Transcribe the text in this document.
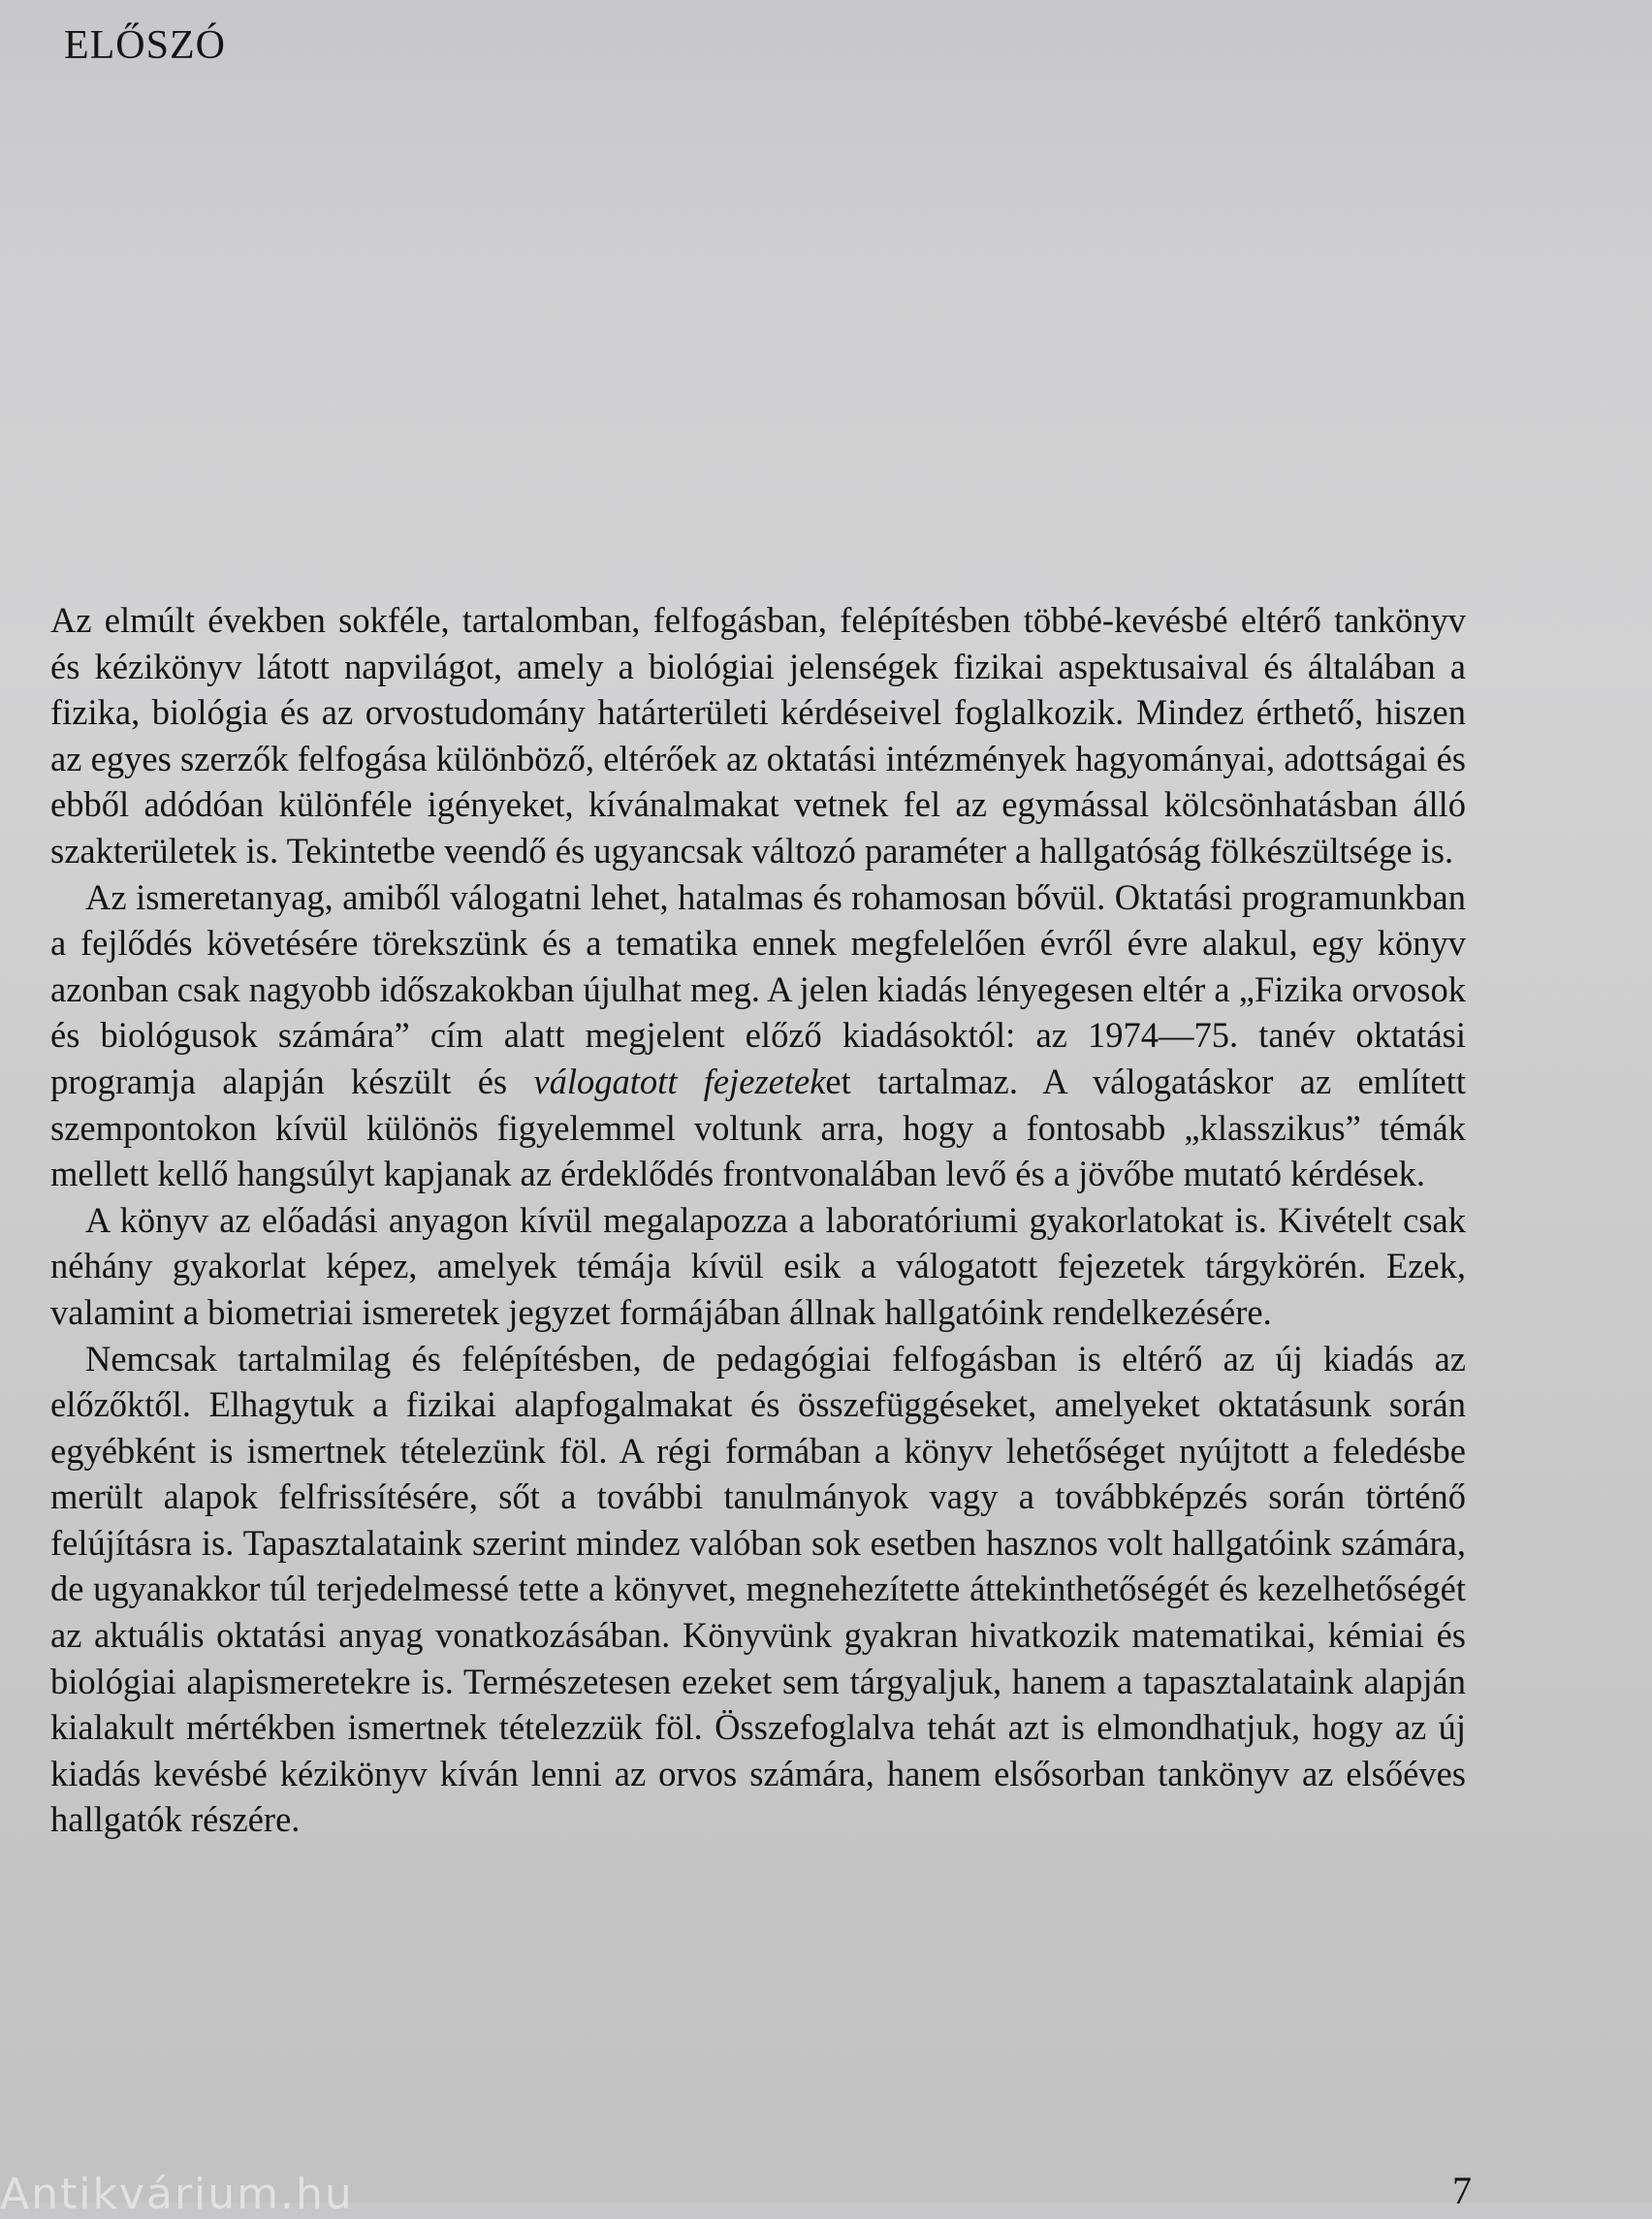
ELŐSZÓ

Az elmúlt években sokféle, tartalomban, felfogásban, felépítésben többé-kevésbé eltérő tankönyv és kézikönyv látott napvilágot, amely a biológiai jelenségek fizikai aspektusaival és általában a fizika, biológia és az orvostudomány határterületi kérdéseivel foglalkozik. Mindez érthető, hiszen az egyes szerzők felfogása különböző, eltérőek az oktatási intézmények hagyományai, adottságai és ebből adódóan különféle igényeket, kívánalmakat vetnek fel az egymással kölcsönhatásban álló szakterületek is. Tekintetbe veendő és ugyancsak változó paraméter a hallgatóság fölkészültsége is.

Az ismeretanyag, amiből válogatni lehet, hatalmas és rohamosan bővül. Oktatási programunkban a fejlődés követésére törekszünk és a tematika ennek megfelelően évről évre alakul, egy könyv azonban csak nagyobb időszakokban újulhat meg. A jelen kiadás lényegesen eltér a „Fizika orvosok és biológusok számára” cím alatt megjelent előző kiadásoktól: az 1974—75. tanév oktatási programja alapján készült és válogatott fejezeteket tartalmaz. A válogatáskor az említett szempontokon kívül különös figyelemmel voltunk arra, hogy a fontosabb „klasszikus” témák mellett kellő hangsúlyt kapjanak az érdeklődés frontvonalában levő és a jövőbe mutató kérdések.

A könyv az előadási anyagon kívül megalapozza a laboratóriumi gyakorlatokat is. Kivételt csak néhány gyakorlat képez, amelyek témája kívül esik a válogatott fejezetek tárgykörén. Ezek, valamint a biometriai ismeretek jegyzet formájában állnak hallgatóink rendelkezésére.

Nemcsak tartalmilag és felépítésben, de pedagógiai felfogásban is eltérő az új kiadás az előzőktől. Elhagytuk a fizikai alapfogalmakat és összefüggéseket, amelyeket oktatásunk során egyébként is ismertnek tételezünk föl. A régi formában a könyv lehetőséget nyújtott a feledésbe merült alapok felfrissítésére, sőt a további tanulmányok vagy a továbbképzés során történő felújításra is. Tapasztalataink szerint mindez valóban sok esetben hasznos volt hallgatóink számára, de ugyanakkor túl terjedelmessé tette a könyvet, megnehezítette áttekinthetőségét és kezelhetőségét az aktuális oktatási anyag vonatkozásában. Könyvünk gyakran hivatkozik matematikai, kémiai és biológiai alapismeretekre is. Természetesen ezeket sem tárgyaljuk, hanem a tapasztalataink alapján kialakult mértékben ismertnek tételezzük föl. Összefoglalva tehát azt is elmondhatjuk, hogy az új kiadás kevésbé kézikönyv kíván lenni az orvos számára, hanem elsősorban tankönyv az elsőéves hallgatók részére.

Antikvárium.hu	7
